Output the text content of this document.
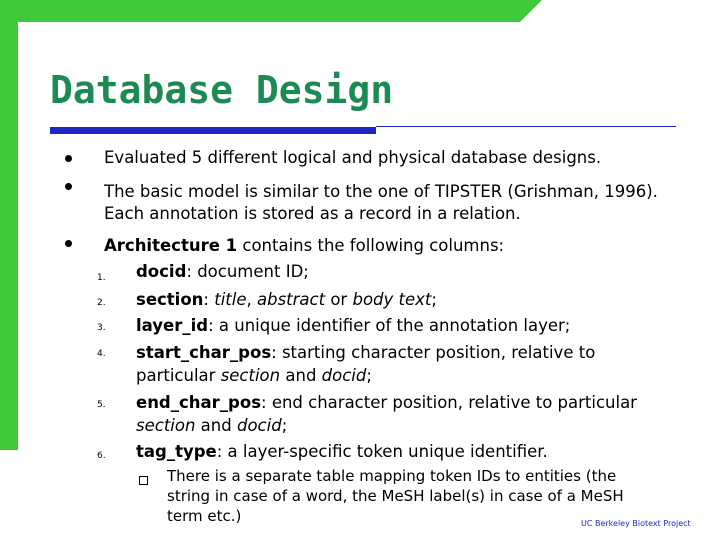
Database Design
Evaluated 5 different logical and physical database designs.
The basic model is similar to the one of TIPSTER (Grishman, 1996).
Each annotation is stored as a record in a relation.
Architecture 1 contains the following columns:
1. docid: document ID;
2. section: title, abstract or body text;
3. layer_id: a unique identifier of the annotation layer;
4. start_char_pos: starting character position, relative to
particular section and docid;
5. end_char_pos: end character position, relative to particular
section and docid;
6. tag_type: a layer-specific token unique identifier.
There is a separate table mapping token IDs to entities (the
string in case of a word, the MeSH label(s) in case of a MeSH
term etc.)	UC Berkeley Biotext Project
